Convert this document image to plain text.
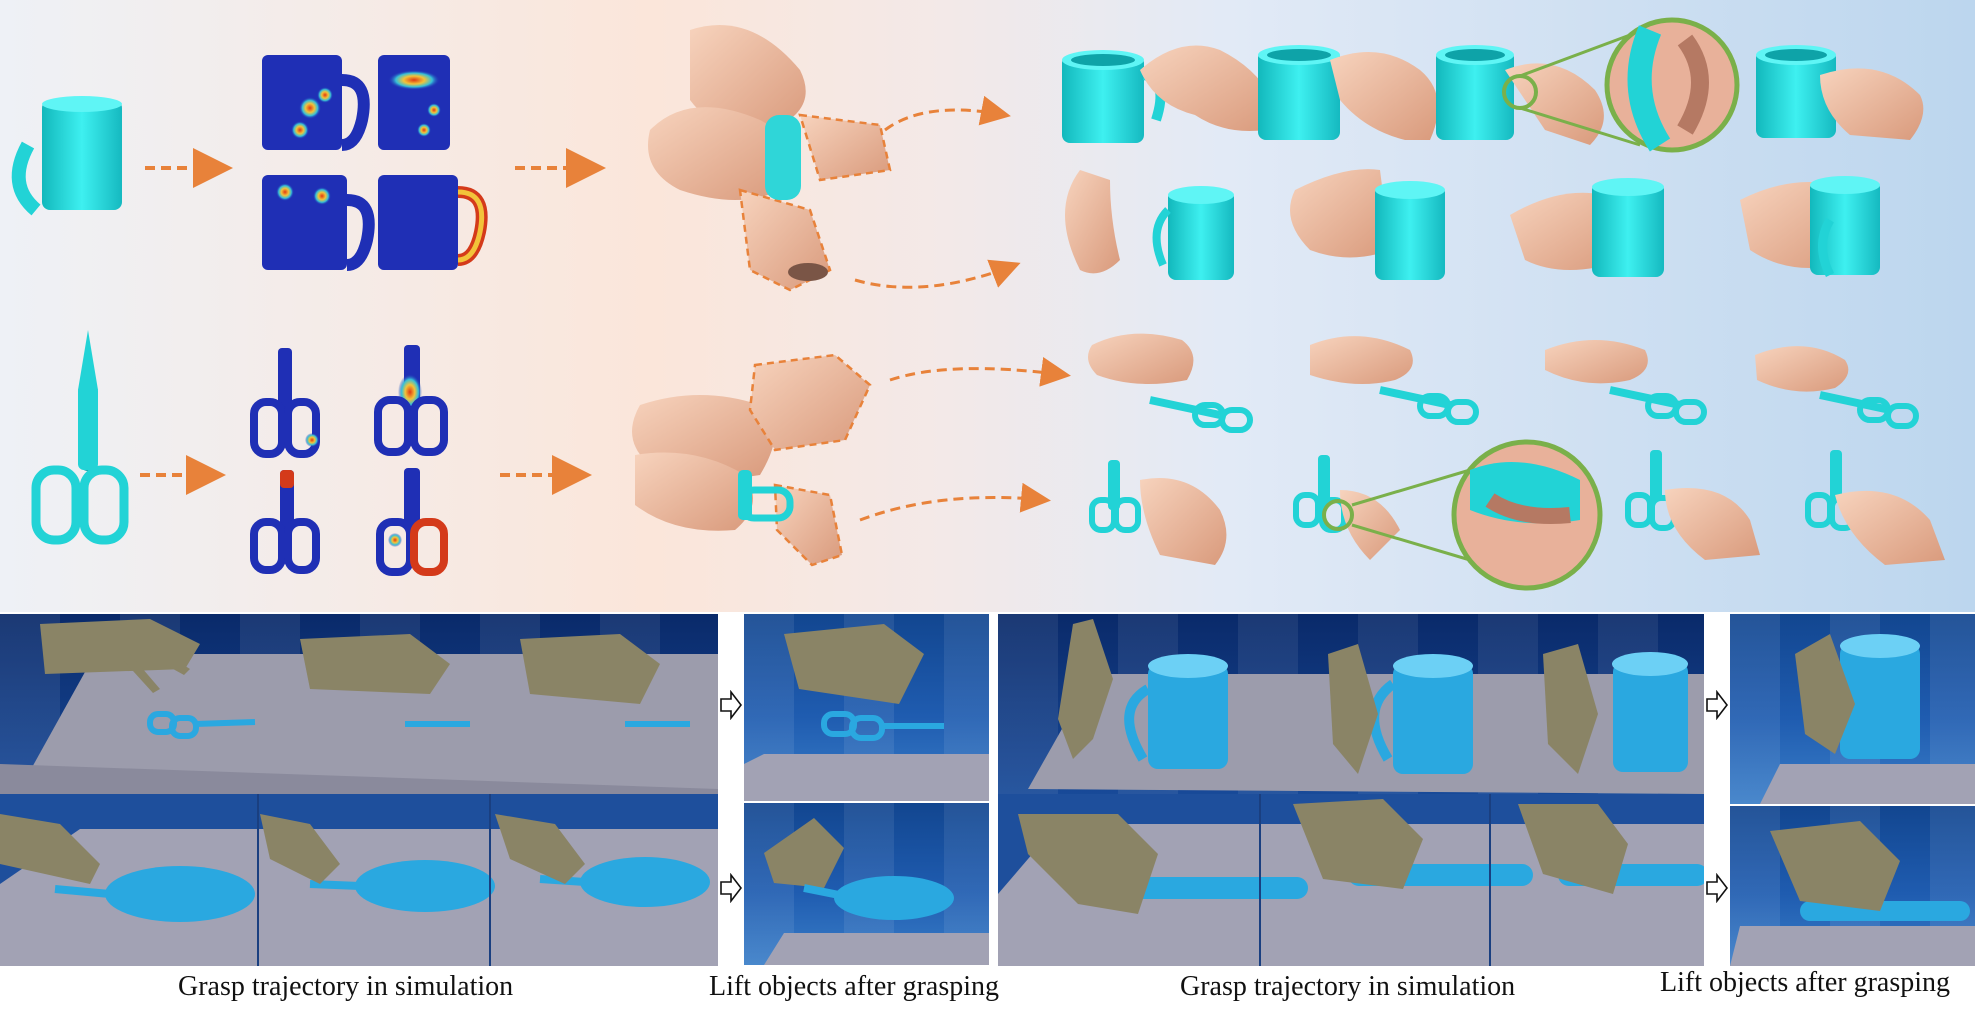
Grasp trajectory in simulation	Lift objects after grasping	Grasp trajectory in simulation	Lift objects after grasping
